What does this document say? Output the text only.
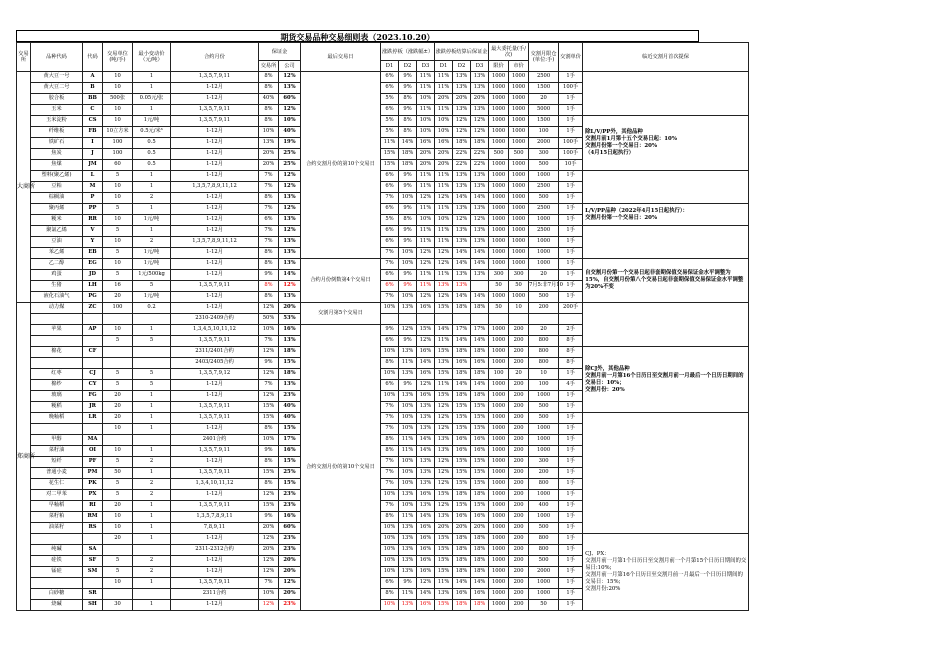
期货交易品种交易细则表（2023.10.20）
交易所	品种代码	代码	交易单位(吨/手)	最小变动价（元/吨）	合约月份	保证金		最后交易日	涨跌停板（涨跌幅±）			涨跌停板结算后保证金			最大委托量(手/次)		交割月限仓(单位:手)	交割单价	临近交割月首次提保
						交易所	公司		D1	D2	D3	D1	D2	D3	限价	市价			
大商所	黄大豆一号	A	10	1	1,3,5,7,9,11	8%	12%	合约交割月份的第10个交易日	6%	9%	11%	11%	13%	13%	1000	1000	2500	1手	
	黄大豆二号	B	10	1	1-12月	8%	13%		6%	9%	11%	11%	13%	13%	1000	1000	1500	100手	
	胶合板	BB	500张	0.05元/张	1-12月	40%	60%		5%	8%	10%	20%	20%	20%	1000	1000	20	1手	
	玉米	C	10	1	1,3,5,7,9,11	8%	12%		6%	9%	11%	11%	13%	13%	1000	1000	5000	1手	
	玉米淀粉	CS	10	1元/吨	1,3,5,7,9,11	8%	10%		5%	8%	10%	10%	12%	12%	1000	1000	1500	1手	除L/V/PP外，其他品种
交割月前1月第十五个交易日起：10%
交割月份第一个交易日：20%
（4月15日起执行）
	纤维板	FB	10立方米	0.5元/米³	1-12月	10%	40%		5%	8%	10%	10%	12%	12%	1000	1000	100	1手	
	铁矿石	I	100	0.5	1-12月	13%	19%		11%	14%	16%	16%	18%	18%	1000	1000	2000	100手	
	焦炭	J	100	0.5	1-12月	20%	25%		15%	18%	20%	20%	22%	22%	500	500	300	100手	
	焦煤	JM	60	0.5	1-12月	20%	25%		15%	18%	20%	20%	22%	22%	1000	1000	500	10手	
	塑料(聚乙烯)	L	5	1	1-12月	7%	12%		6%	9%	11%	11%	13%	13%	1000	1000	1000	1手	
	豆粕	M	10	1	1,3,5,7,8,9,11,12	7%	12%		6%	9%	11%	11%	13%	13%	1000	1000	2500	1手	
	棕榈油	P	10	2	1-12月	8%	13%		7%	10%	12%	12%	14%	14%	1000	1000	500	1手	
	聚丙烯	PP	5	1	1-12月	7%	12%		6%	9%	11%	11%	13%	13%	1000	1000	2500	1手	L/V/PP品种（2022年4月15日起执行）：
交割月份第一个交易日：20%
	粳米	RR	10	1元/吨	1-12月	6%	13%		5%	8%	10%	10%	12%	12%	1000	1000	1000	1手	
	聚氯乙烯	V	5	1	1-12月	7%	12%		6%	9%	11%	11%	13%	13%	1000	1000	2500	1手	
	豆油	Y	10	2	1,3,5,7,8,9,11,12	7%	13%		6%	9%	11%	11%	13%	13%	1000	1000	1000	1手	
	苯乙烯	EB	5	1元/吨	1-12月	8%	13%		7%	10%	12%	12%	14%	14%	1000	1000	1000	1手	
	乙二醇	EG	10	1元/吨	1-12月	8%	13%	合约月份倒数第4个交易日	7%	10%	12%	12%	14%	14%	1000	1000	1000	1手	自交割月份第一个交易日起非套期保值交易保证金水平调整为15%，自交割月份第八个交易日起非套期保值交易保证金水平调整为20%不变
	鸡蛋	JD	5	1元/500kg	1-12月	9%	14%		6%	9%	11%	11%	13%	13%	300	300	20	1手	
	生猪	LH	16	5	1,3,5,7,9,11	8%	12%		6%	9%	11%	13%	13%		50	50	7月5:非7月10	1手	
	液化石油气	PG	20	1元/吨	1-12月	8%	13%		7%	10%	12%	12%	14%	14%	1000	1000	500	1手	
郑商所	动力煤	ZC	100	0.2	1-12月	12%	20%	交割月第5个交易日	10%	13%	16%	15%	18%	18%	50	10	200	200手	
					2310-2409合约	50%	53%												
	苹果	AP	10	1	1,3,4,5,10,11,12	10%	16%	合约交割月份的第10个交易日	9%	12%	15%	14%	17%	17%	1000	200	20	2手	
			5	5	1,3,5,7,9,11	7%	13%		6%	9%	12%	11%	14%	14%	1000	200	800	8手	
	棉花	CF			2311/2401合约	12%	18%		10%	13%	16%	15%	18%	18%	1000	200	800	8手	除CJ外，其他品种
交割月前一月第16个日历日至交割月前一月最后一个日历日期间的交易日：10%；
交割月份：20%
					2403/2405合约	9%	15%		8%	11%	14%	13%	16%	16%	1000	200	800	8手	
	红枣	CJ	5	5	1,3,5,7,9,12	12%	18%		10%	13%	16%	15%	18%	18%	100	20	10	1手	
	棉纱	CY	5	5	1-12月	7%	13%		6%	9%	12%	11%	14%	14%	1000	200	100	4手	
	玻璃	FG	20	1	1-12月	12%	23%		10%	13%	16%	15%	18%	18%	1000	200	1000	1手	
	粳稻	JR	20	1	1,3,5,7,9,11	15%	40%		7%	10%	13%	12%	15%	15%	1000	200	500	1手	
	晚籼稻	LR	20	1	1,3,5,7,9,11	15%	40%		7%	10%	13%	12%	15%	15%	1000	200	500	1手	
			10	1	1-12月	8%	15%		7%	10%	13%	12%	15%	15%	1000	200	1000	1手	
	甲醇	MA			2401合约	10%	17%		8%	11%	14%	13%	16%	16%	1000	200	1000	1手	
	菜籽油	OI	10	1	1,3,5,7,9,11	9%	16%		8%	11%	14%	13%	16%	16%	1000	200	1000	1手	
	短纤	PF	5	2	1-12月	8%	15%		7%	10%	13%	12%	15%	15%	1000	200	300	1手	
	普通小麦	PM	50	1	1,3,5,7,9,11	15%	25%		7%	10%	13%	12%	15%	15%	1000	200	200	1手	
	花生仁	PK	5	2	1,3,4,10,11,12	8%	15%		7%	10%	13%	12%	15%	15%	1000	200	800	1手	
	对二甲苯	PX	5	2	1-12月	12%	23%		10%	13%	16%	15%	18%	18%	1000	200	1000	1手	
	早籼稻	RI	20	1	1,3,5,7,9,11	15%	23%		7%	10%	13%	12%	15%	15%	1000	200	400	1手	
	菜籽粕	RM	10	1	1,3,5,7,8,9,11	9%	16%		8%	11%	14%	13%	16%	16%	1000	200	1000	1手	
	油菜籽	RS	10	1	7,8,9,11	20%	60%		10%	13%	16%	20%	20%	20%	1000	200	500	1手	
			20	1	1-12月	12%	23%		10%	13%	16%	15%	18%	18%	1000	200	800	1手	CJ、PX：
交割月前一月第1个日历日至交割月前一个月第15个日历日期间的交易日:10%;
交割月前一月第16个日历日至交割月前一月最后一个日历日期间的交易日：15%;
交割月份:20%
	纯碱	SA			2311-2312合约	20%	23%		10%	13%	16%	15%	18%	18%	1000	200	800	1手	
	硅铁	SF	5	2	1-12月	12%	20%		10%	13%	16%	15%	18%	18%	1000	200	500	1手	
	锰硅	SM	5	2	1-12月	12%	20%		10%	13%	16%	15%	18%	18%	1000	200	2000	1手	
			10	1	1,3,5,7,9,11	7%	12%		6%	9%	12%	11%	14%	14%	1000	200	1000	1手	
	白砂糖	SR			2311合约	10%	20%		8%	11%	14%	13%	16%	16%	1000	200	1000	1手	
	烧碱	SH	30	1	1-12月	12%	23%		10%	13%	16%	15%	18%	18%	1000	200	50	1手	
